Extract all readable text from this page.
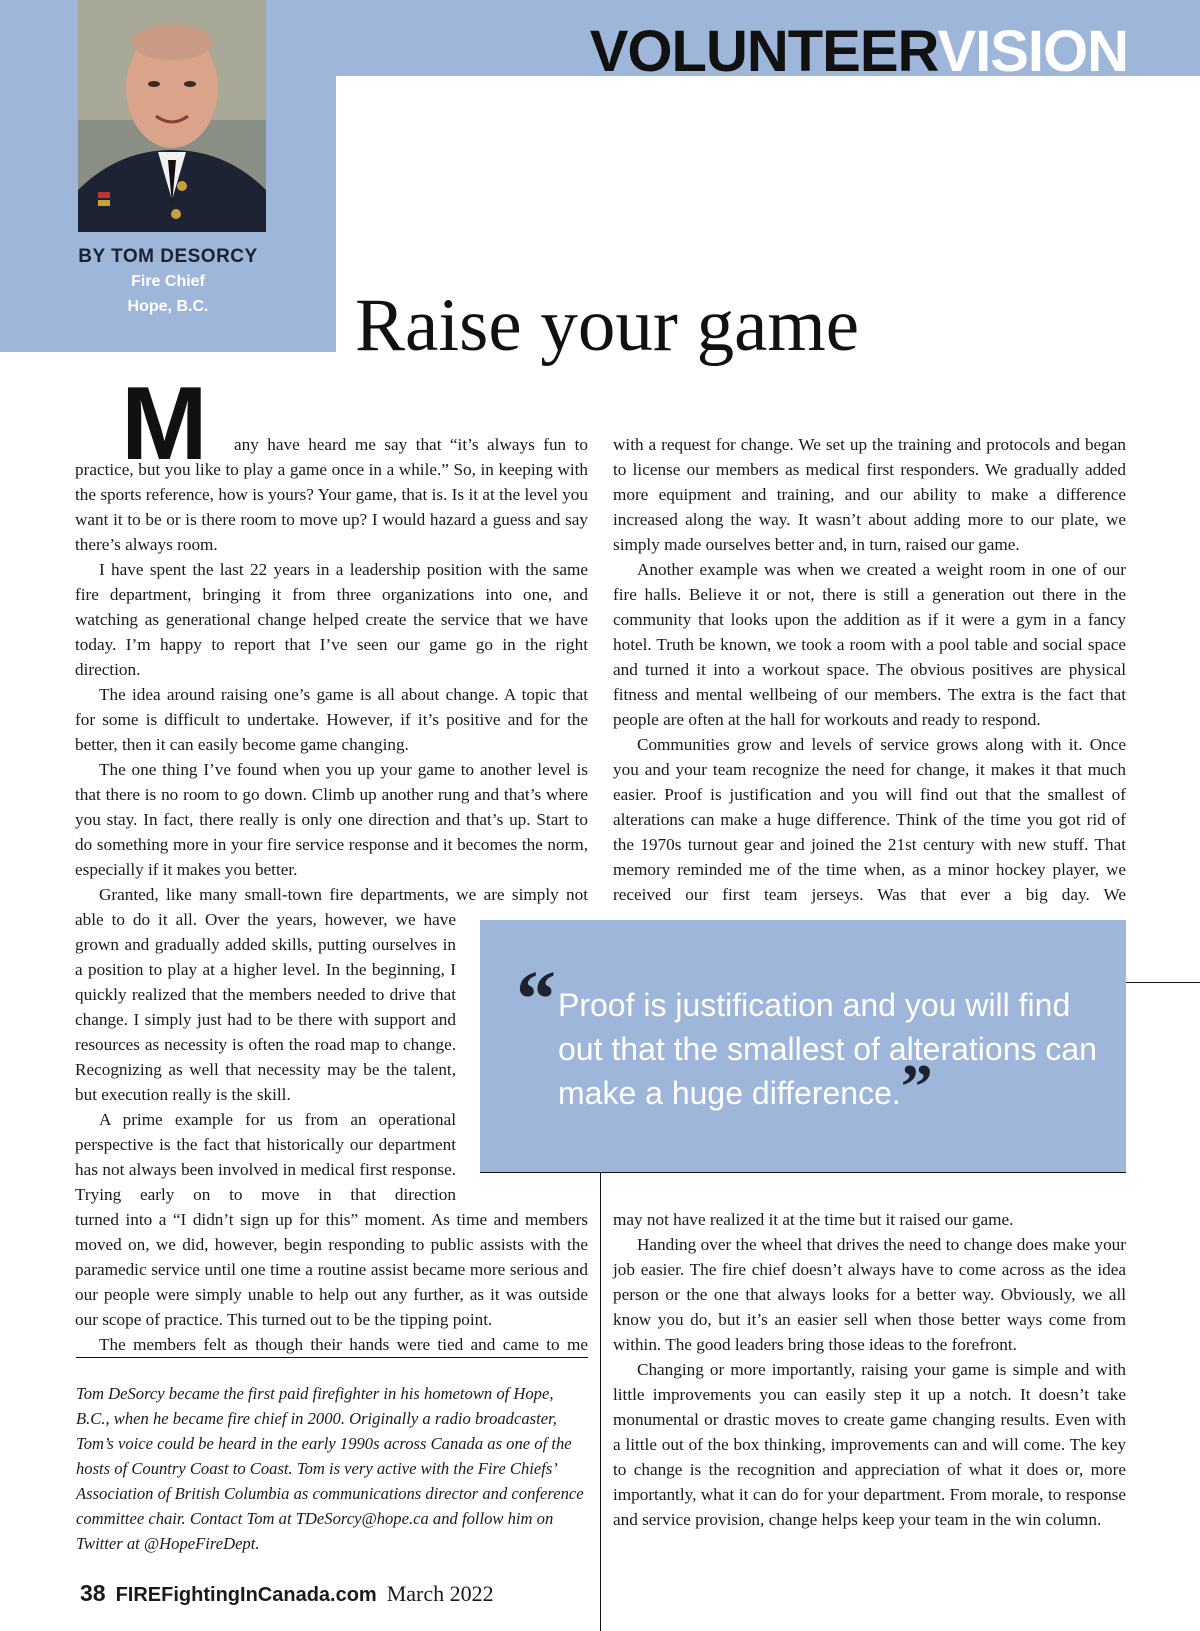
VOLUNTEERVISION
BY TOM DESORCY
Fire Chief
Hope, B.C.	Raise your game
M	any have heard me say that “it’s always fun to practice, but you like to play a game once in a while.” So, in keeping with the sports reference, how is yours? Your game, that is. Is it at the level you want it to be or is there room to move up? I would hazard a guess and say there’s always room.

I have spent the last 22 years in a leadership position with the same fire department, bringing it from three organizations into one, and watching as generational change helped create the service that we have today. I’m happy to report that I’ve seen our game go in the right direction.

The idea around raising one’s game is all about change. A topic that for some is difficult to undertake. However, if it’s positive and for the better, then it can easily become game changing.

The one thing I’ve found when you up your game to another level is that there is no room to go down. Climb up another rung and that’s where you stay. In fact, there really is only one direction and that’s up. Start to do something more in your fire service response and it becomes the norm, especially if it makes you better.

Granted, like many small-town fire departments, we are simply not

able to do it all. Over the years, however, we have grown and gradually added skills, putting ourselves in a position to play at a higher level. In the beginning, I quickly realized that the members needed to drive that change. I simply just had to be there with support and resources as necessity is often the road map to change. Recognizing as well that necessity may be the talent, but execution really is the skill.

A prime example for us from an operational perspective is the fact that historically our department has not always been involved in medical first response. Trying early on to move in that direction

turned into a “I didn’t sign up for this” moment. As time and members moved on, we did, however, begin responding to public assists with the paramedic service until one time a routine assist became more serious and our people were simply unable to help out any further, as it was outside our scope of practice. This turned out to be the tipping point.

The members felt as though their hands were tied and came to me

with a request for change. We set up the training and protocols and began to license our members as medical first responders. We gradually added more equipment and training, and our ability to make a difference increased along the way. It wasn’t about adding more to our plate, we simply made ourselves better and, in turn, raised our game.

Another example was when we created a weight room in one of our fire halls. Believe it or not, there is still a generation out there in the community that looks upon the addition as if it were a gym in a fancy hotel. Truth be known, we took a room with a pool table and social space and turned it into a workout space. The obvious positives are physical fitness and mental wellbeing of our members. The extra is the fact that people are often at the hall for workouts and ready to respond.

Communities grow and levels of service grows along with it. Once you and your team recognize the need for change, it makes it that much easier. Proof is justification and you will find out that the smallest of alterations can make a huge difference. Think of the time you got rid of the 1970s turnout gear and joined the 21st century with new stuff. That memory reminded me of the time when, as a minor hockey player, we received our first team jerseys. Was that ever a big day. We

“ Proof is justification and you will find out that the smallest of alterations can make a huge difference.”

may not have realized it at the time but it raised our game.

Handing over the wheel that drives the need to change does make your job easier. The fire chief doesn’t always have to come across as the idea person or the one that always looks for a better way. Obviously, we all know you do, but it’s an easier sell when those better ways come from within. The good leaders bring those ideas to the forefront.

Changing or more importantly, raising your game is simple and with little improvements you can easily step it up a notch. It doesn’t take monumental or drastic moves to create game changing results. Even with a little out of the box thinking, improvements can and will come. The key to change is the recognition and appreciation of what it does or, more importantly, what it can do for your department. From morale, to response and service provision, change helps keep your team in the win column.

Tom DeSorcy became the first paid firefighter in his hometown of Hope, B.C., when he became fire chief in 2000. Originally a radio broadcaster, Tom’s voice could be heard in the early 1990s across Canada as one of the hosts of Country Coast to Coast. Tom is very active with the Fire Chiefs’ Association of British Columbia as communications director and conference committee chair. Contact Tom at TDeSorcy@hope.ca and follow him on Twitter at @HopeFireDept.
38 FIREFightingInCanada.com March 2022
